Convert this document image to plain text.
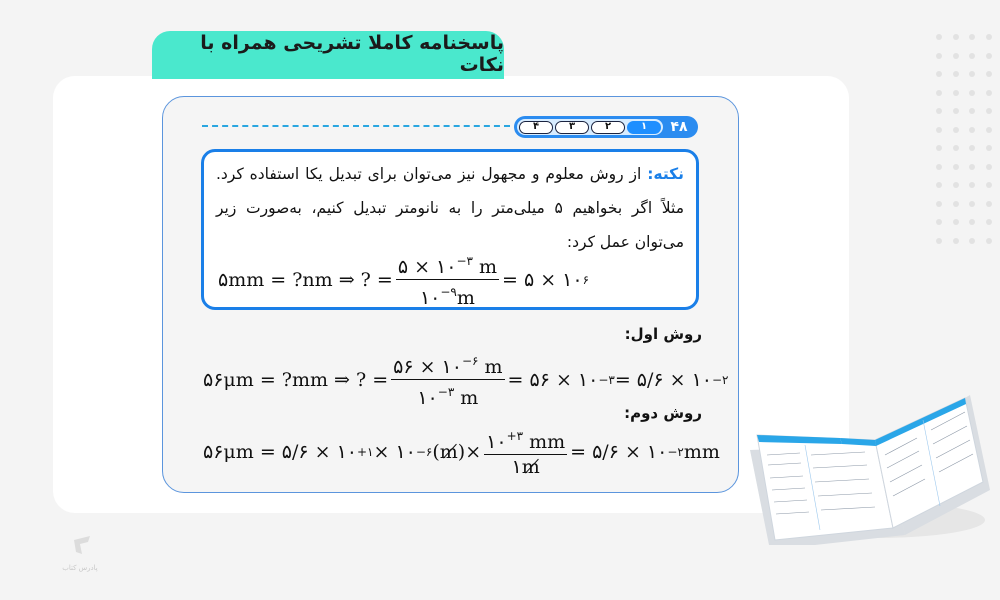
پاسخنامه کاملا تشریحی همراه با نکات
۴	۳	۲	۱	۴۸

نکته: از روش معلوم و مجهول نیز می‌توان برای تبدیل یکا استفاده کرد. مثلاً اگر بخواهیم ۵ میلی‌متر را به نانومتر تبدیل کنیم، به‌صورت زیر می‌توان عمل کرد:

۵mm = ?nm ⇒ ? = $\frac{۵ \times ۱۰^{-۳} m}{۱۰^{-۹}m}$ = ۵ × ۱۰ ۶
روش اول:
۵۶μm = ?mm ⇒ ? = $\frac{۵۶ \times ۱۰^{-۶} m}{۱۰^{-۳} m}$ = ۵۶ × ۱۰ −۳ = ۵/۶ × ۱۰ −۲
روش دوم:
۵۶μm = ۵/۶ × ۱۰ +۱ × ۱۰ −۶ (m̸) × $\frac{۱۰^{+۳} mm}{۱m̸}$ = ۵/۶ × ۱۰ −۲ mm
پادرس کتاب
